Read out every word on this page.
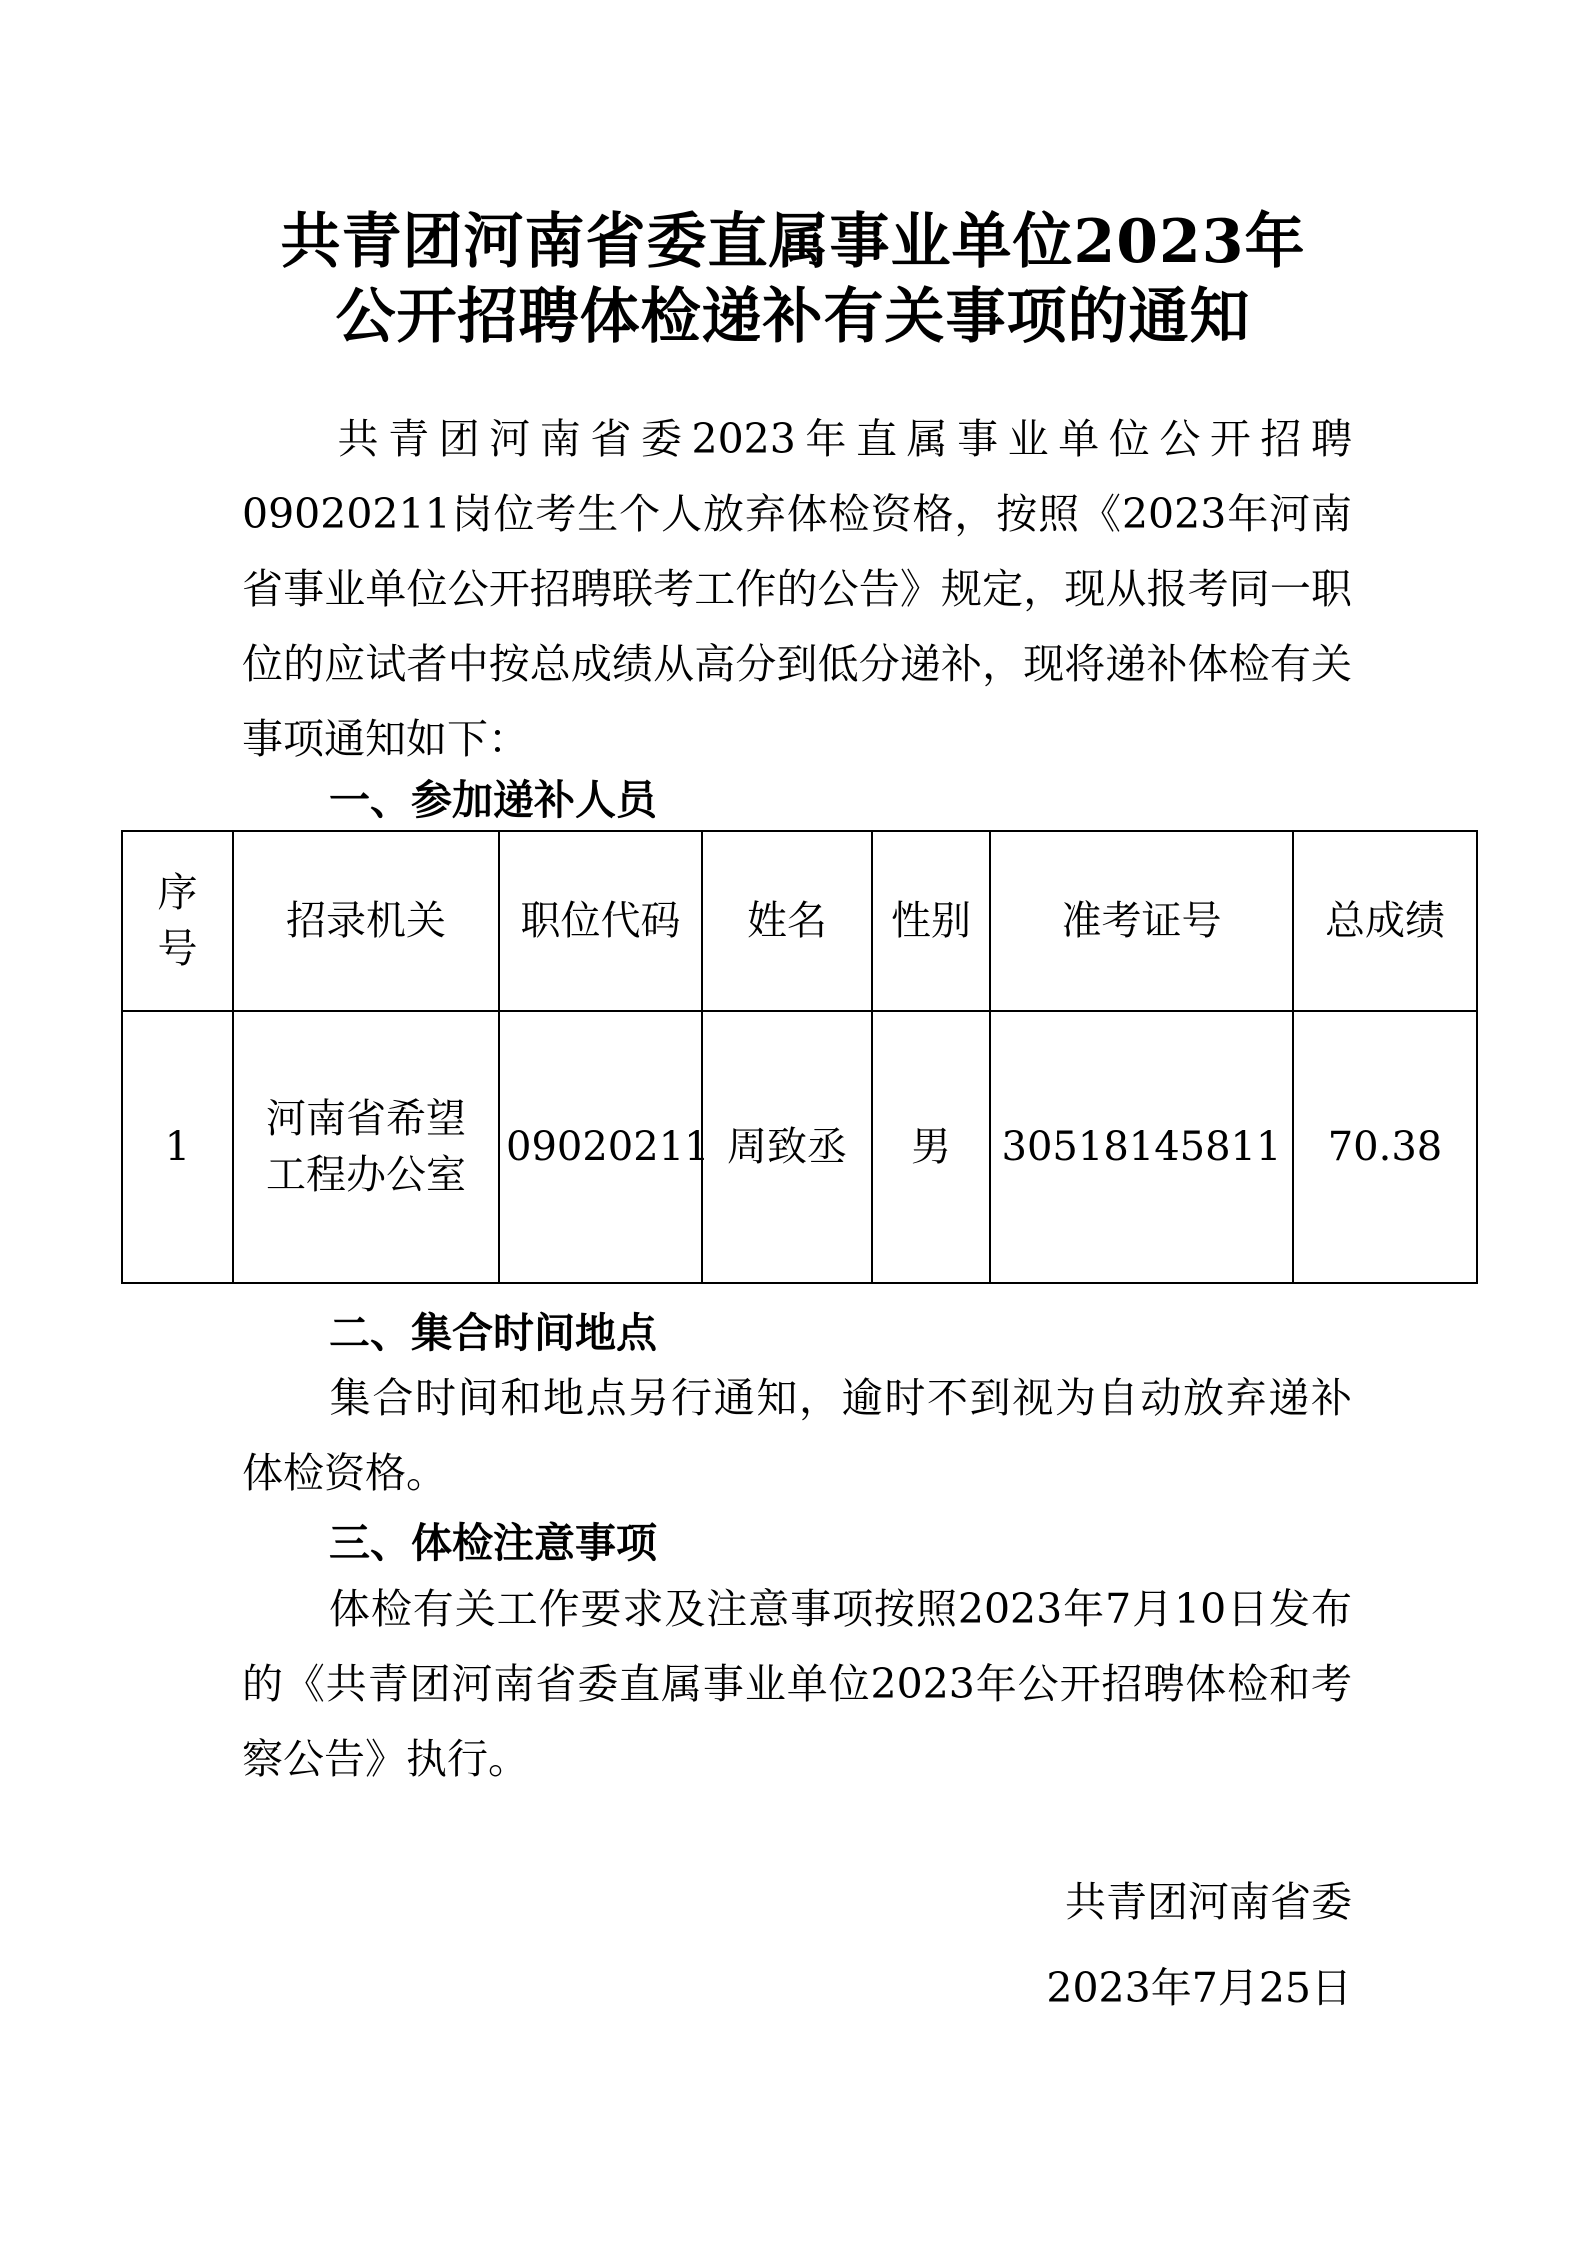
共青团河南省委直属事业单位2023年
公开招聘体检递补有关事项的通知
共青团河南省委2023年直属事业单位公开招聘09020211岗位考生个人放弃体检资格，按照《2023年河南省事业单位公开招聘联考工作的公告》规定，现从报考同一职位的应试者中按总成绩从高分到低分递补，现将递补体检有关事项通知如下：
一、参加递补人员
序号	招录机关	职位代码	姓名	性别	准考证号	总成绩
1	河南省希望工程办公室	09020211	周致丞	男	30518145811	70.38
二、集合时间地点
集合时间和地点另行通知，逾时不到视为自动放弃递补体检资格。
三、体检注意事项
体检有关工作要求及注意事项按照2023年7月10日发布的《共青团河南省委直属事业单位2023年公开招聘体检和考察公告》执行。
共青团河南省委
2023年7月25日
